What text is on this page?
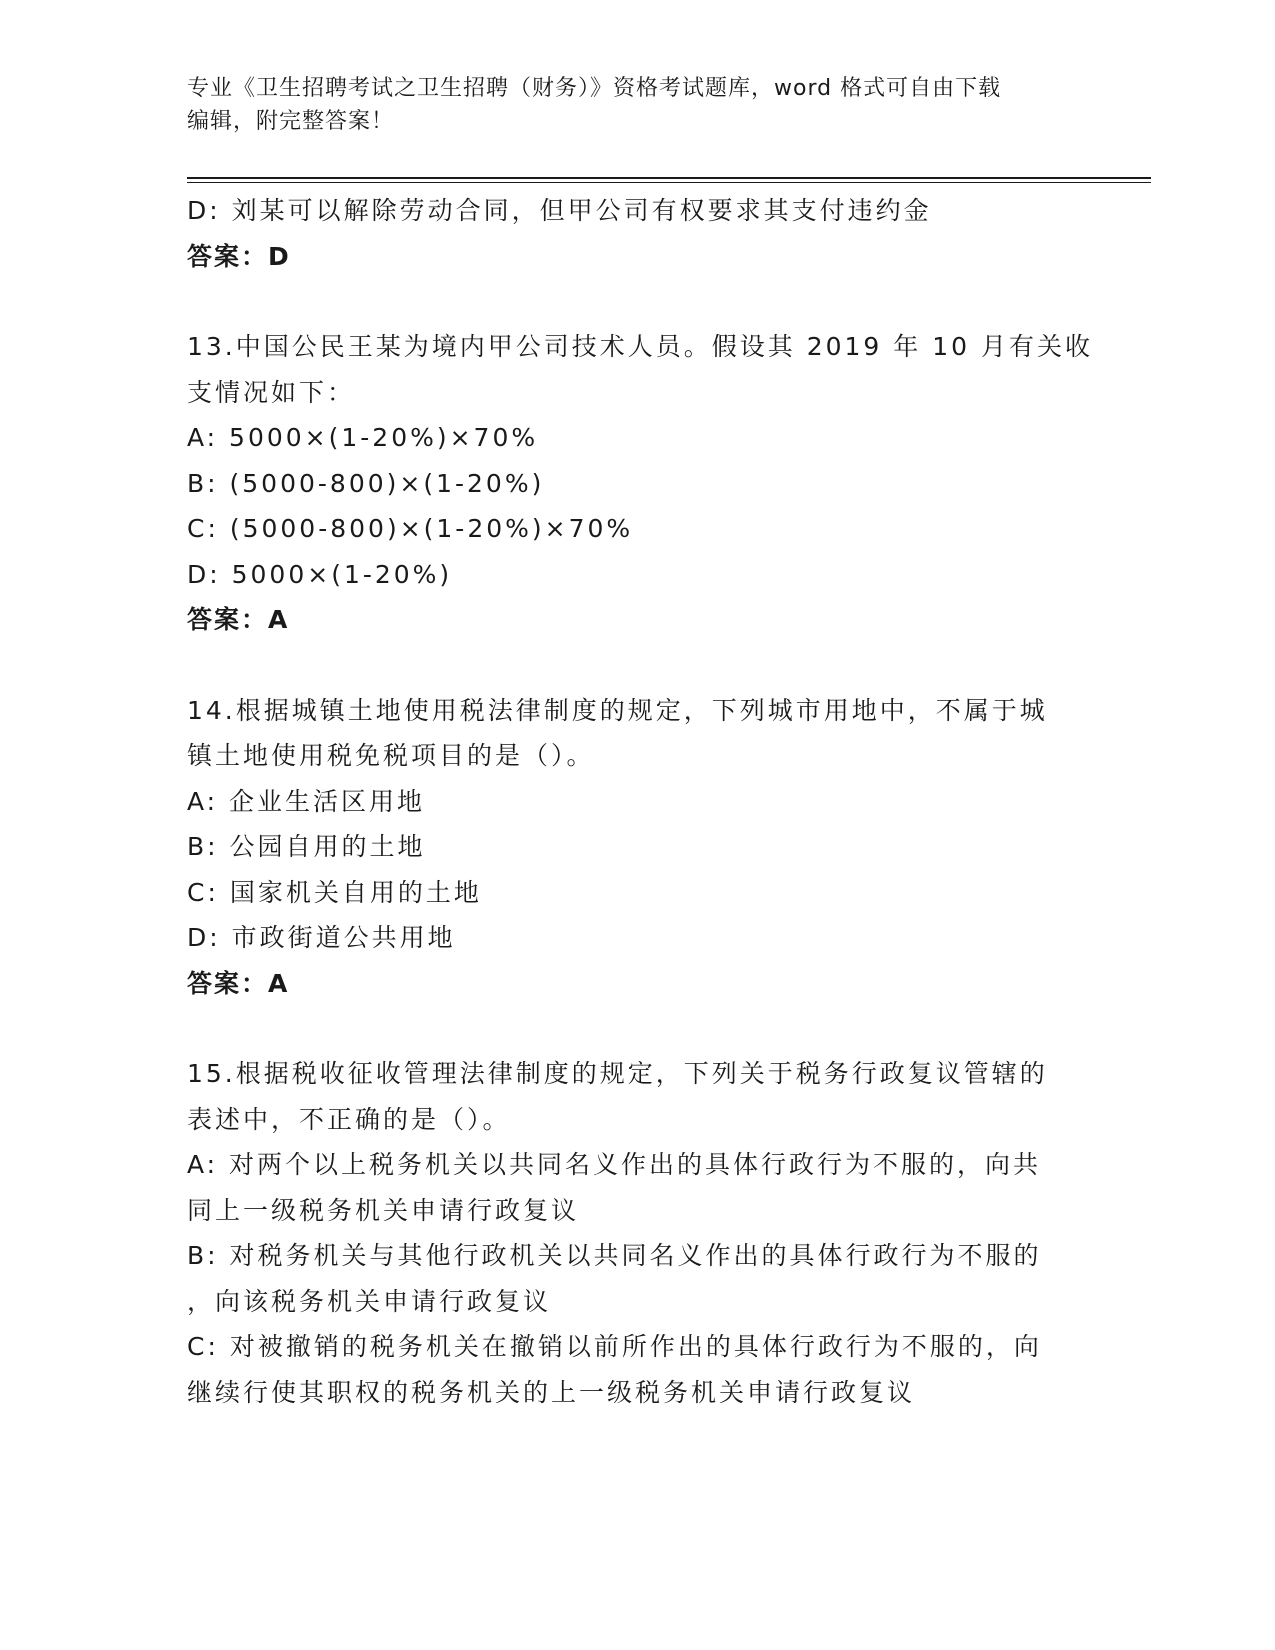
专业《卫生招聘考试之卫生招聘（财务）》资格考试题库，word 格式可自由下载
编辑，附完整答案！
D: 刘某可以解除劳动合同，但甲公司有权要求其支付违约金
答案：D
13.中国公民王某为境内甲公司技术人员。假设其 2019 年 10 月有关收
支情况如下：
A: 5000×(1-20%)×70%
B: (5000-800)×(1-20%)
C: (5000-800)×(1-20%)×70%
D: 5000×(1-20%)
答案：A
14.根据城镇土地使用税法律制度的规定，下列城市用地中，不属于城
镇土地使用税免税项目的是（）。
A: 企业生活区用地
B: 公园自用的土地
C: 国家机关自用的土地
D: 市政街道公共用地
答案：A
15.根据税收征收管理法律制度的规定，下列关于税务行政复议管辖的
表述中，不正确的是（）。
A: 对两个以上税务机关以共同名义作出的具体行政行为不服的，向共
同上一级税务机关申请行政复议
B: 对税务机关与其他行政机关以共同名义作出的具体行政行为不服的
，向该税务机关申请行政复议
C: 对被撤销的税务机关在撤销以前所作出的具体行政行为不服的，向
继续行使其职权的税务机关的上一级税务机关申请行政复议
